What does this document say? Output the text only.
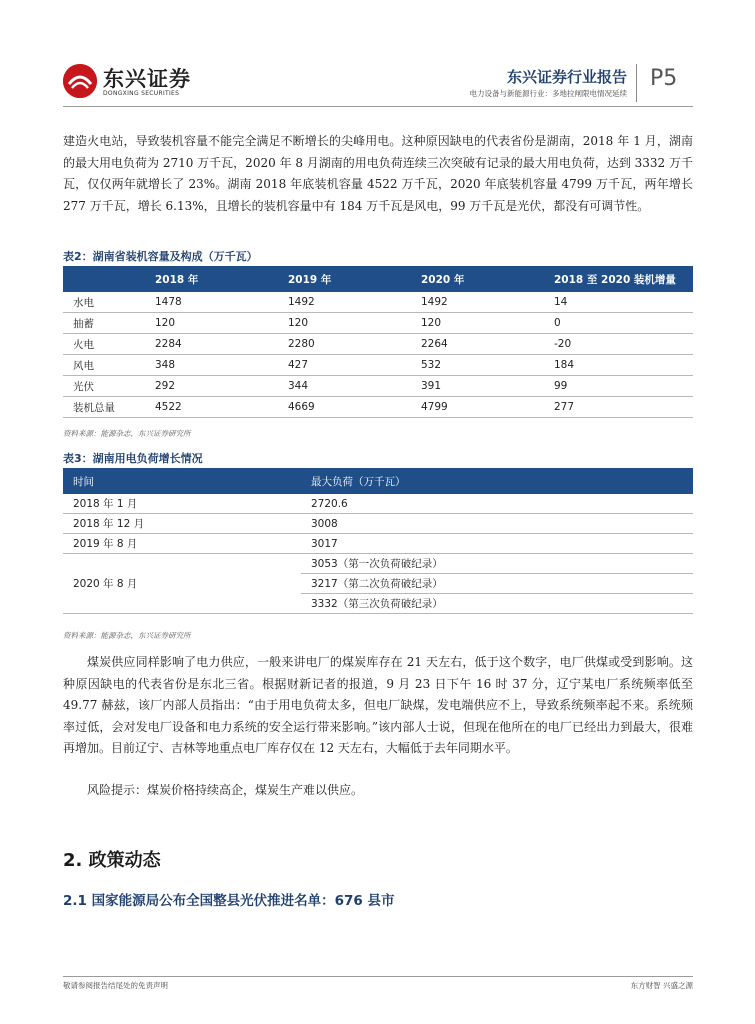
东兴证券
DONGXING SECURITIES
东兴证券行业报告
电力设备与新能源行业：多地拉闸限电情况延续
P5
建造火电站，导致装机容量不能完全满足不断增长的尖峰用电。这种原因缺电的代表省份是湖南，2018 年 1 月，湖南的最大用电负荷为 2710 万千瓦，2020 年 8 月湖南的用电负荷连续三次突破有记录的最大用电负荷，达到 3332 万千瓦，仅仅两年就增长了 23%。湖南 2018 年底装机容量 4522 万千瓦，2020 年底装机容量 4799 万千瓦，两年增长 277 万千瓦，增长 6.13%，且增长的装机容量中有 184 万千瓦是风电，99 万千瓦是光伏，都没有可调节性。
表2：湖南省装机容量及构成（万千瓦）
	2018 年	2019 年	2020 年	2018 至 2020 装机增量
水电	1478	1492	1492	14
抽蓄	120	120	120	0
火电	2284	2280	2264	-20
风电	348	427	532	184
光伏	292	344	391	99
装机总量	4522	4669	4799	277
资料来源：能源杂志，东兴证券研究所
表3：湖南用电负荷增长情况
时间	最大负荷（万千瓦）
2018 年 1 月	2720.6
2018 年 12 月	3008
2019 年 8 月	3017
2020 年 8 月	3053（第一次负荷破纪录）
	3217（第二次负荷破纪录）
	3332（第三次负荷破纪录）
资料来源：能源杂志，东兴证券研究所
煤炭供应同样影响了电力供应，一般来讲电厂的煤炭库存在 21 天左右，低于这个数字，电厂供煤或受到影响。这种原因缺电的代表省份是东北三省。根据财新记者的报道，9 月 23 日下午 16 时 37 分，辽宁某电厂系统频率低至 49.77 赫兹，该厂内部人员指出：“由于用电负荷太多，但电厂缺煤，发电端供应不上，导致系统频率起不来。系统频率过低，会对发电厂设备和电力系统的安全运行带来影响。”该内部人士说，但现在他所在的电厂已经出力到最大，很难再增加。目前辽宁、吉林等地重点电厂库存仅在 12 天左右，大幅低于去年同期水平。
风险提示：煤炭价格持续高企，煤炭生产难以供应。
2. 政策动态
2.1 国家能源局公布全国整县光伏推进名单：676 县市
敬请参阅报告结尾处的免责声明	东方财智 兴盛之源
